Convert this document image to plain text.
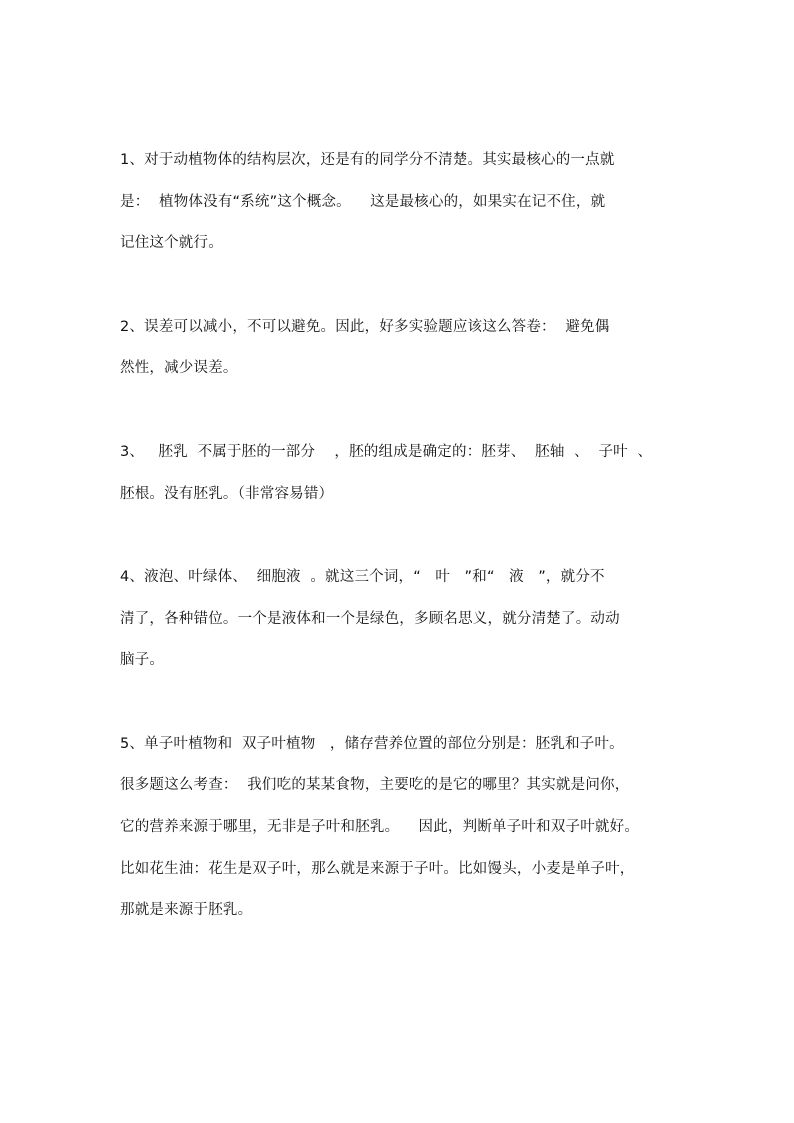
1、对于动植物体的结构层次，还是有的同学分不清楚。其实最核心的一点就
是：  植物体没有“系统”这个概念。    这是最核心的，如果实在记不住，就
记住这个就行。
2、误差可以减小，不可以避免。因此，好多实验题应该这么答卷：  避免偶
然性，减少误差。
3、   胚乳  不属于胚的一部分    ，胚的组成是确定的：胚芽、  胚轴  、  子叶  、
胚根。没有胚乳。（非常容易错）
4、液泡、叶绿体、  细胞液  。就这三个词，“   叶   ”和“   液   ”，就分不
清了，各种错位。一个是液体和一个是绿色，多顾名思义，就分清楚了。动动
脑子。
5、单子叶植物和  双子叶植物   ，储存营养位置的部位分别是：胚乳和子叶。
很多题这么考查：  我们吃的某某食物，主要吃的是它的哪里？其实就是问你，
它的营养来源于哪里，无非是子叶和胚乳。    因此，判断单子叶和双子叶就好。
比如花生油：花生是双子叶，那么就是来源于子叶。比如馒头，小麦是单子叶，
那就是来源于胚乳。
